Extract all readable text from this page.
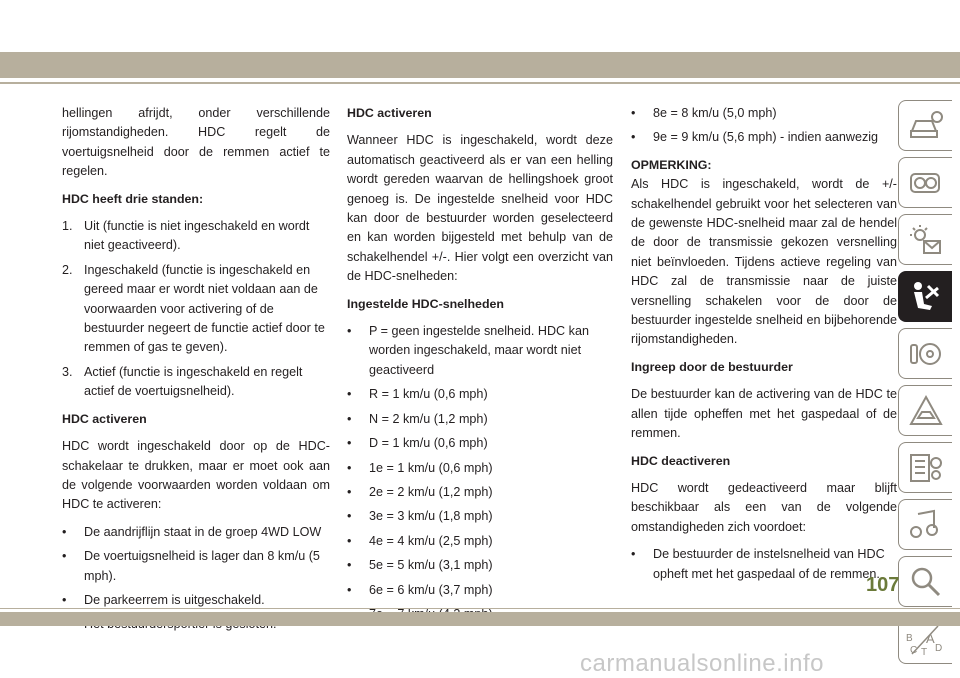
hellingen afrijdt, onder verschillende rijomstandigheden. HDC regelt de voertuigsnelheid door de remmen actief te regelen.

HDC heeft drie standen:

1. Uit (functie is niet ingeschakeld en wordt niet geactiveerd).
2. Ingeschakeld (functie is ingeschakeld en gereed maar er wordt niet voldaan aan de voorwaarden voor activering of de bestuurder negeert de functie actief door te remmen of gas te geven).
3. Actief (functie is ingeschakeld en regelt actief de voertuigsnelheid).

HDC activeren

HDC wordt ingeschakeld door op de HDC-schakelaar te drukken, maar er moet ook aan de volgende voorwaarden worden voldaan om HDC te activeren:

•	De aandrijflijn staat in de groep 4WD LOW
•	De voertuigsnelheid is lager dan 8 km/u (5 mph).
•	De parkeerrem is uitgeschakeld.

HDC activeren

Wanneer HDC is ingeschakeld, wordt deze automatisch geactiveerd als er van een helling wordt gereden waarvan de hellingshoek groot genoeg is. De ingestelde snelheid voor HDC kan door de bestuurder worden geselecteerd en kan worden bijgesteld met behulp van de schakelhendel +/-. Hier volgt een overzicht van de HDC-snelheden:

Ingestelde HDC-snelheden

•	P = geen ingestelde snelheid. HDC kan worden ingeschakeld, maar wordt niet geactiveerd
•	R = 1 km/u (0,6 mph)
•	N = 2 km/u (1,2 mph)
•	D = 1 km/u (0,6 mph)
•	1e = 1 km/u (0,6 mph)
•	2e = 2 km/u (1,2 mph)
•	3e = 3 km/u (1,8 mph)
•	4e = 4 km/u (2,5 mph)
•	5e = 5 km/u (3,1 mph)
•	6e = 6 km/u (3,7 mph)
•	8e = 8 km/u (5,0 mph)
•	9e = 9 km/u (5,6 mph) - indien aanwezig

OPMERKING:

Als HDC is ingeschakeld, wordt de +/- schakelhendel gebruikt voor het selecteren van de gewenste HDC-snelheid maar zal de hendel de door de transmissie gekozen versnelling niet beïnvloeden. Tijdens actieve regeling van HDC zal de transmissie naar de juiste versnelling schakelen voor de door de bestuurder ingestelde snelheid en bijbehorende rijomstandigheden.

Ingreep door de bestuurder

De bestuurder kan de activering van de HDC te allen tijde opheffen met het gaspedaal of de remmen.

HDC deactiveren

HDC wordt gedeactiveerd maar blijft beschikbaar als een van de volgende omstandigheden zich voordoet:

•	De bestuurder de instelsnelheid van HDC opheft met het gaspedaal of de remmen.
B A
C T D
107
carmanualsonline.info
